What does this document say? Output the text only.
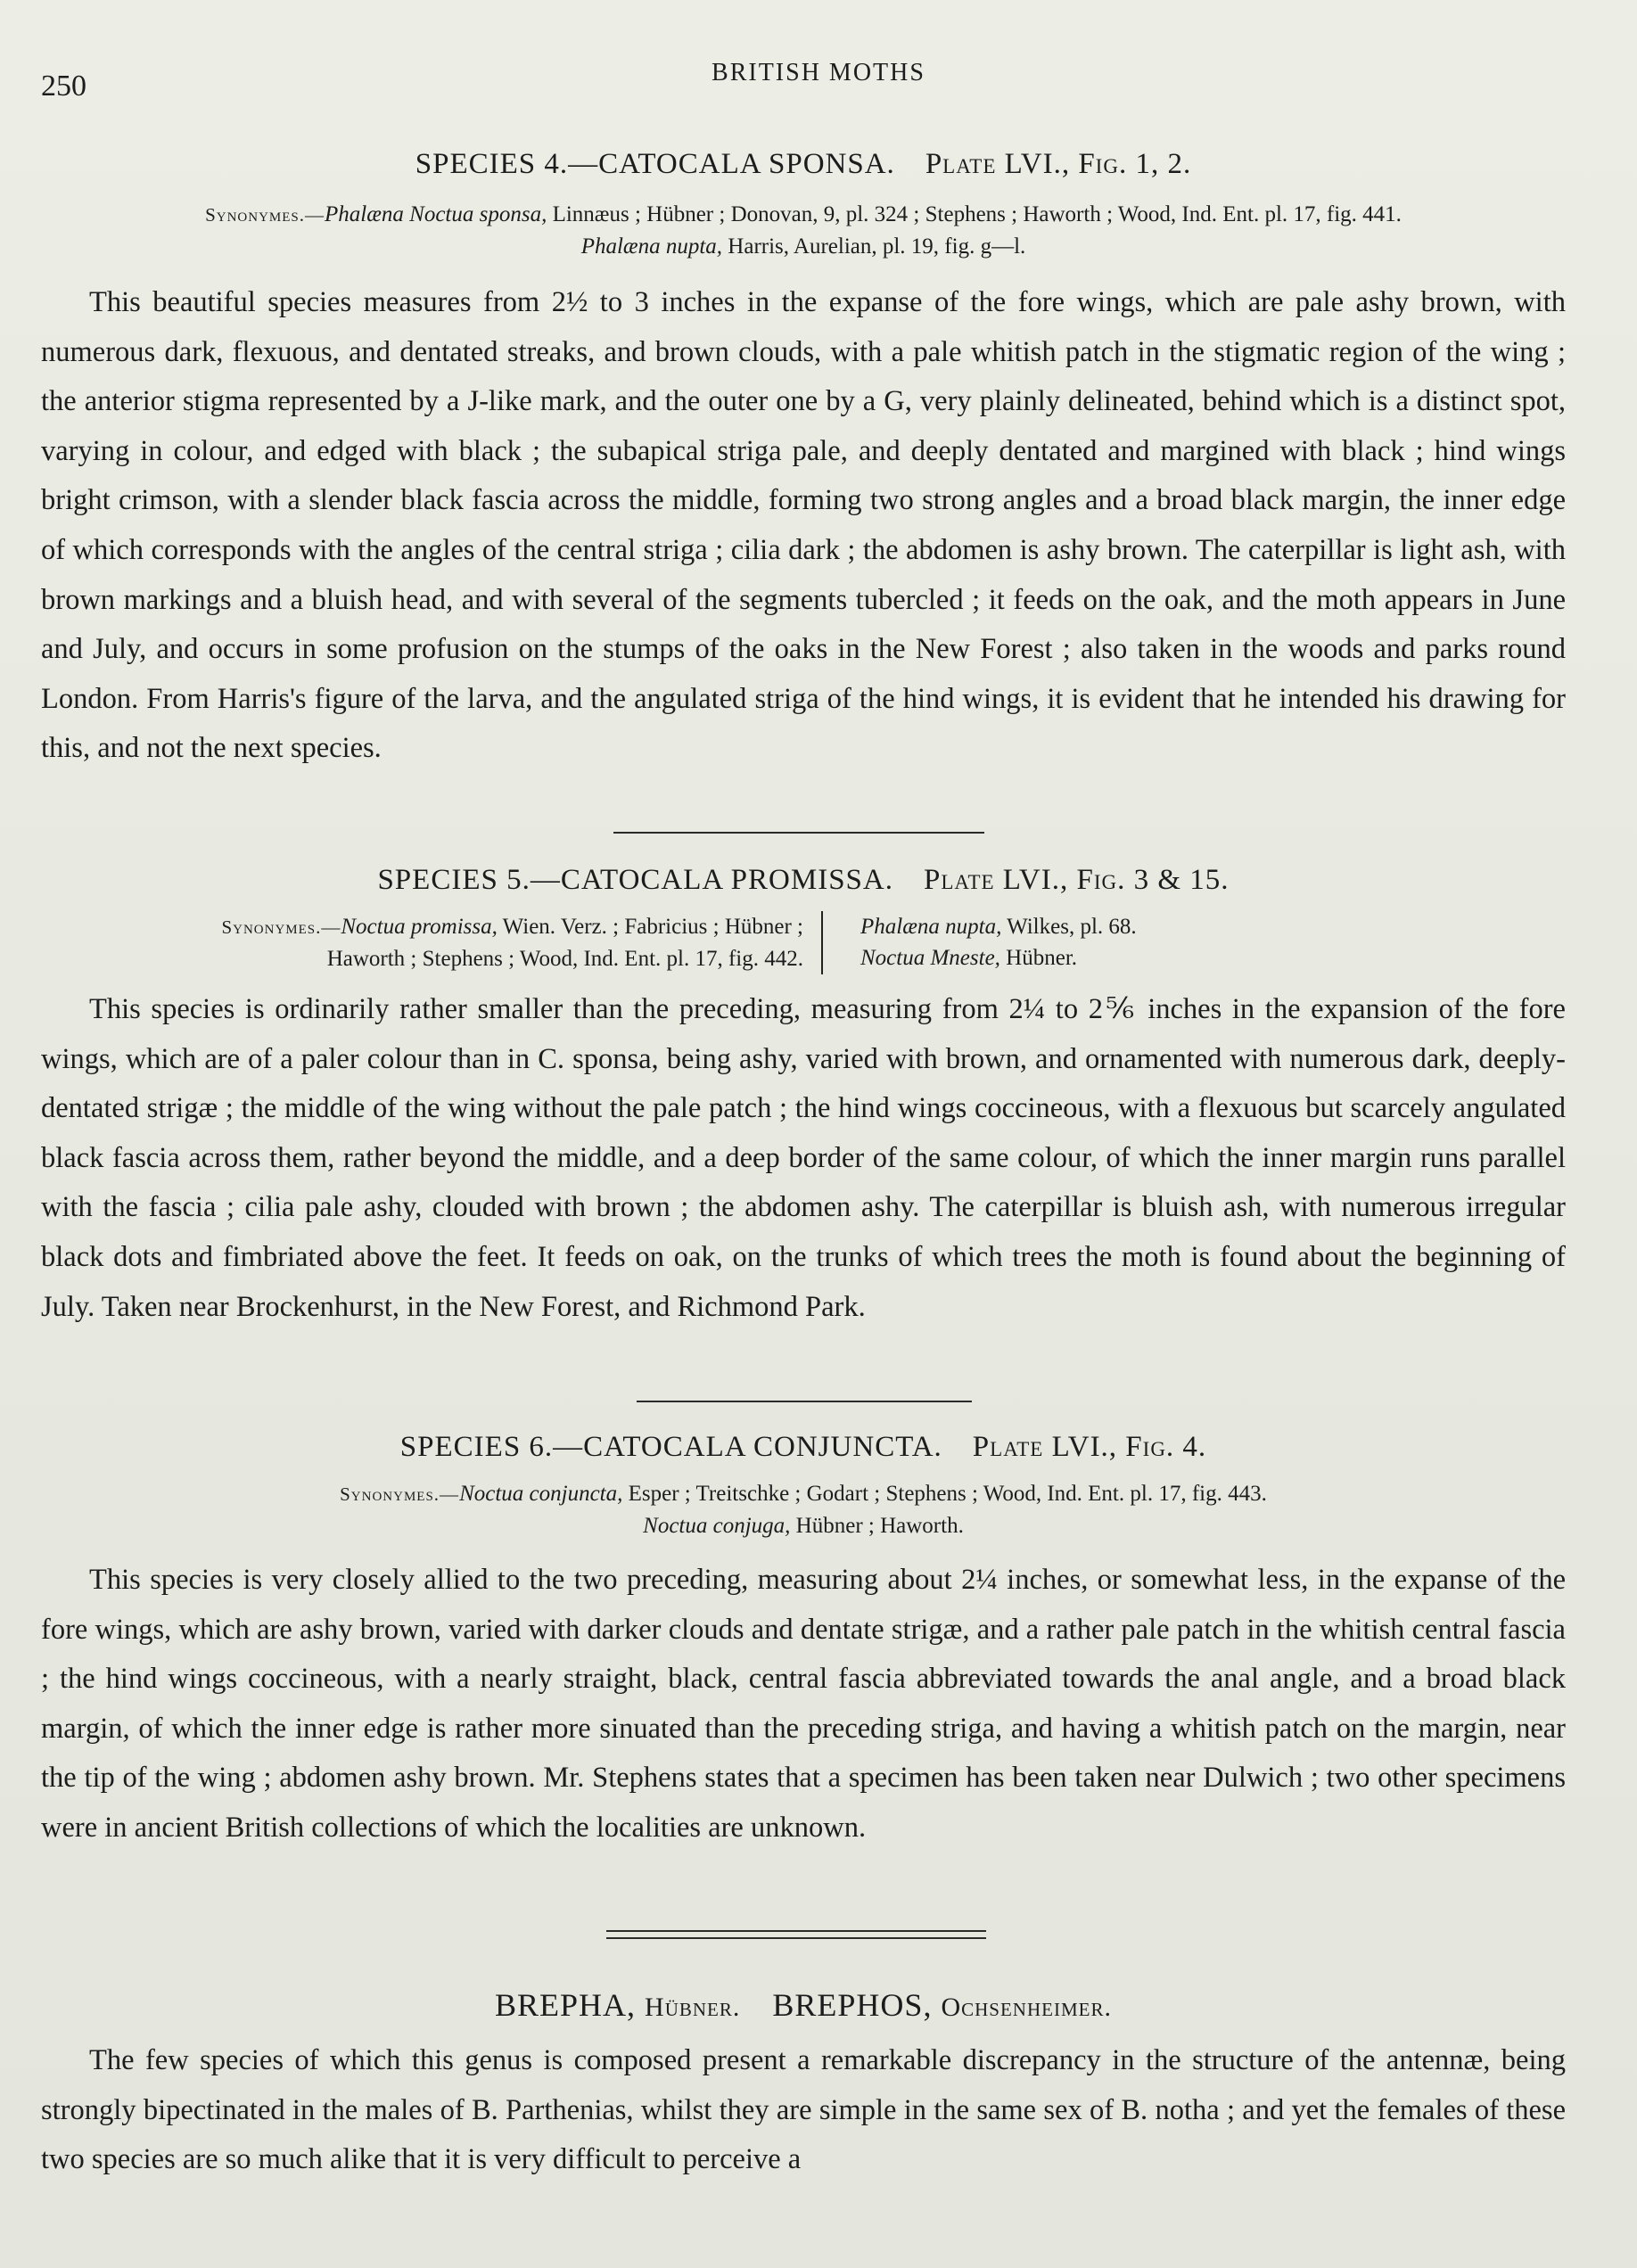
250	BRITISH MOTHS
SPECIES 4.—CATOCALA SPONSA. Plate LVI., Fig. 1, 2.
Synonymes.—Phalæna Noctua sponsa, Linnæus ; Hübner ; Donovan, 9, pl. 324 ; Stephens ; Haworth ; Wood, Ind. Ent. pl. 17, fig. 441.
Phalæna nupta, Harris, Aurelian, pl. 19, fig. g—l.

This beautiful species measures from 2½ to 3 inches in the expanse of the fore wings, which are pale ashy brown, with numerous dark, flexuous, and dentated streaks, and brown clouds, with a pale whitish patch in the stigmatic region of the wing ; the anterior stigma represented by a J-like mark, and the outer one by a G, very plainly delineated, behind which is a distinct spot, varying in colour, and edged with black ; the subapical striga pale, and deeply dentated and margined with black ; hind wings bright crimson, with a slender black fascia across the middle, forming two strong angles and a broad black margin, the inner edge of which corresponds with the angles of the central striga ; cilia dark ; the abdomen is ashy brown. The caterpillar is light ash, with brown markings and a bluish head, and with several of the segments tubercled ; it feeds on the oak, and the moth appears in June and July, and occurs in some profusion on the stumps of the oaks in the New Forest ; also taken in the woods and parks round London. From Harris's figure of the larva, and the angulated striga of the hind wings, it is evident that he intended his drawing for this, and not the next species.

SPECIES 5.—CATOCALA PROMISSA. Plate LVI., Fig. 3 & 15.
Synonymes.—Noctua promissa, Wien. Verz. ; Fabricius ; Hübner ;
Haworth ; Stephens ; Wood, Ind. Ent. pl. 17, fig. 442.
Phalæna nupta, Wilkes, pl. 68.
Noctua Mneste, Hübner.

This species is ordinarily rather smaller than the preceding, measuring from 2¼ to 2⅚ inches in the expansion of the fore wings, which are of a paler colour than in C. sponsa, being ashy, varied with brown, and ornamented with numerous dark, deeply-dentated strigæ ; the middle of the wing without the pale patch ; the hind wings coccineous, with a flexuous but scarcely angulated black fascia across them, rather beyond the middle, and a deep border of the same colour, of which the inner margin runs parallel with the fascia ; cilia pale ashy, clouded with brown ; the abdomen ashy. The caterpillar is bluish ash, with numerous irregular black dots and fimbriated above the feet. It feeds on oak, on the trunks of which trees the moth is found about the beginning of July. Taken near Brockenhurst, in the New Forest, and Richmond Park.

SPECIES 6.—CATOCALA CONJUNCTA. Plate LVI., Fig. 4.
Synonymes.—Noctua conjuncta, Esper ; Treitschke ; Godart ; Stephens ; Wood, Ind. Ent. pl. 17, fig. 443.
Noctua conjuga, Hübner ; Haworth.

This species is very closely allied to the two preceding, measuring about 2¼ inches, or somewhat less, in the expanse of the fore wings, which are ashy brown, varied with darker clouds and dentate strigæ, and a rather pale patch in the whitish central fascia ; the hind wings coccineous, with a nearly straight, black, central fascia abbreviated towards the anal angle, and a broad black margin, of which the inner edge is rather more sinuated than the preceding striga, and having a whitish patch on the margin, near the tip of the wing ; abdomen ashy brown. Mr. Stephens states that a specimen has been taken near Dulwich ; two other specimens were in ancient British collections of which the localities are unknown.

BREPHA, Hübner. BREPHOS, Ochsenheimer.

The few species of which this genus is composed present a remarkable discrepancy in the structure of the antennæ, being strongly bipectinated in the males of B. Parthenias, whilst they are simple in the same sex of B. notha ; and yet the females of these two species are so much alike that it is very difficult to perceive a
